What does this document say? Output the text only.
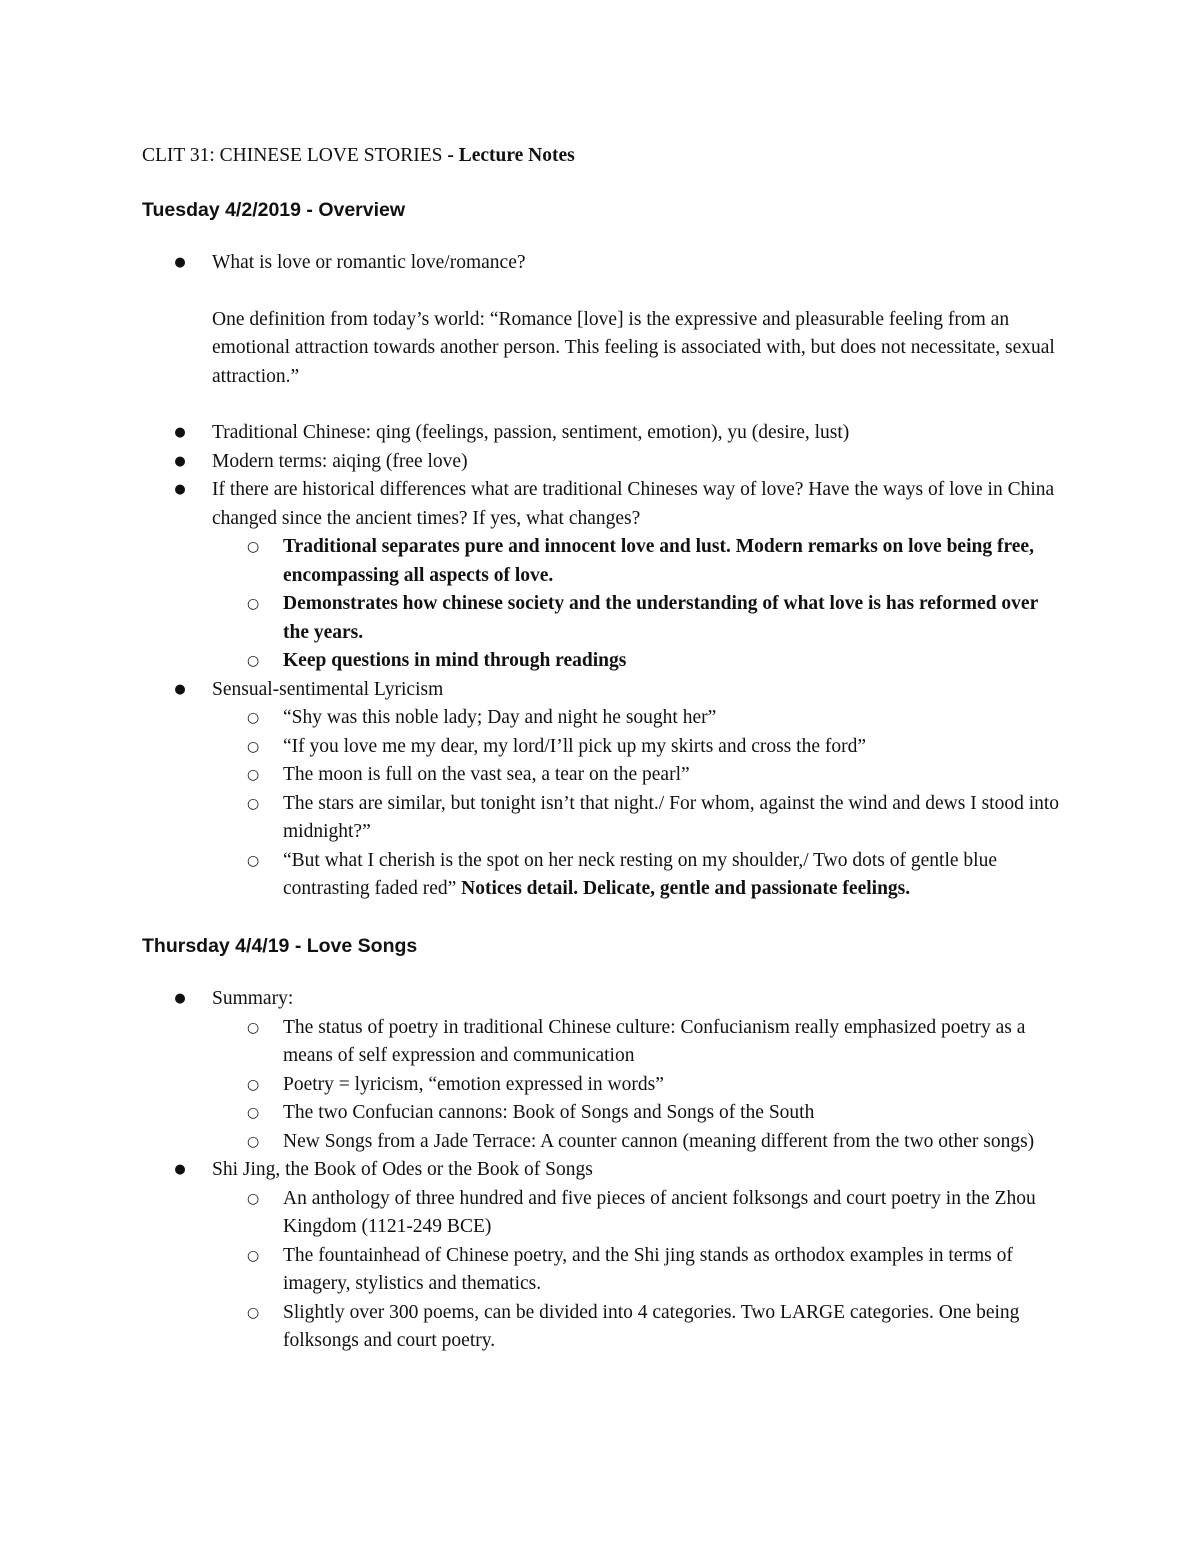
CLIT 31: CHINESE LOVE STORIES - Lecture Notes
Tuesday 4/2/2019 - Overview
● What is love or romantic love/romance?
One definition from today’s world: “Romance [love] is the expressive and pleasurable feeling from an emotional attraction towards another person. This feeling is associated with, but does not necessitate, sexual attraction.”
● Traditional Chinese: qing (feelings, passion, sentiment, emotion), yu (desire, lust)
● Modern terms: aiqing (free love)
● If there are historical differences what are traditional Chineses way of love? Have the ways of love in China changed since the ancient times? If yes, what changes?
○	Traditional separates pure and innocent love and lust. Modern remarks on love being free, encompassing all aspects of love.
○	Demonstrates how chinese society and the understanding of what love is has reformed over the years.
○	Keep questions in mind through readings
● Sensual-sentimental Lyricism
○	“Shy was this noble lady; Day and night he sought her”
○	“If you love me my dear, my lord/I’ll pick up my skirts and cross the ford”
○	The moon is full on the vast sea, a tear on the pearl”
○	The stars are similar, but tonight isn’t that night./ For whom, against the wind and dews I stood into midnight?”
○	“But what I cherish is the spot on her neck resting on my shoulder,/ Two dots of gentle blue contrasting faded red” Notices detail. Delicate, gentle and passionate feelings.
Thursday 4/4/19 - Love Songs
● Summary:
○	The status of poetry in traditional Chinese culture: Confucianism really emphasized poetry as a means of self expression and communication
○	Poetry = lyricism, “emotion expressed in words”
○	The two Confucian cannons: Book of Songs and Songs of the South
○	New Songs from a Jade Terrace: A counter cannon (meaning different from the two other songs)
● Shi Jing, the Book of Odes or the Book of Songs
○	An anthology of three hundred and five pieces of ancient folksongs and court poetry in the Zhou Kingdom (1121-249 BCE)
○	The fountainhead of Chinese poetry, and the Shi jing stands as orthodox examples in terms of imagery, stylistics and thematics.
○	Slightly over 300 poems, can be divided into 4 categories. Two LARGE categories. One being folksongs and court poetry.
